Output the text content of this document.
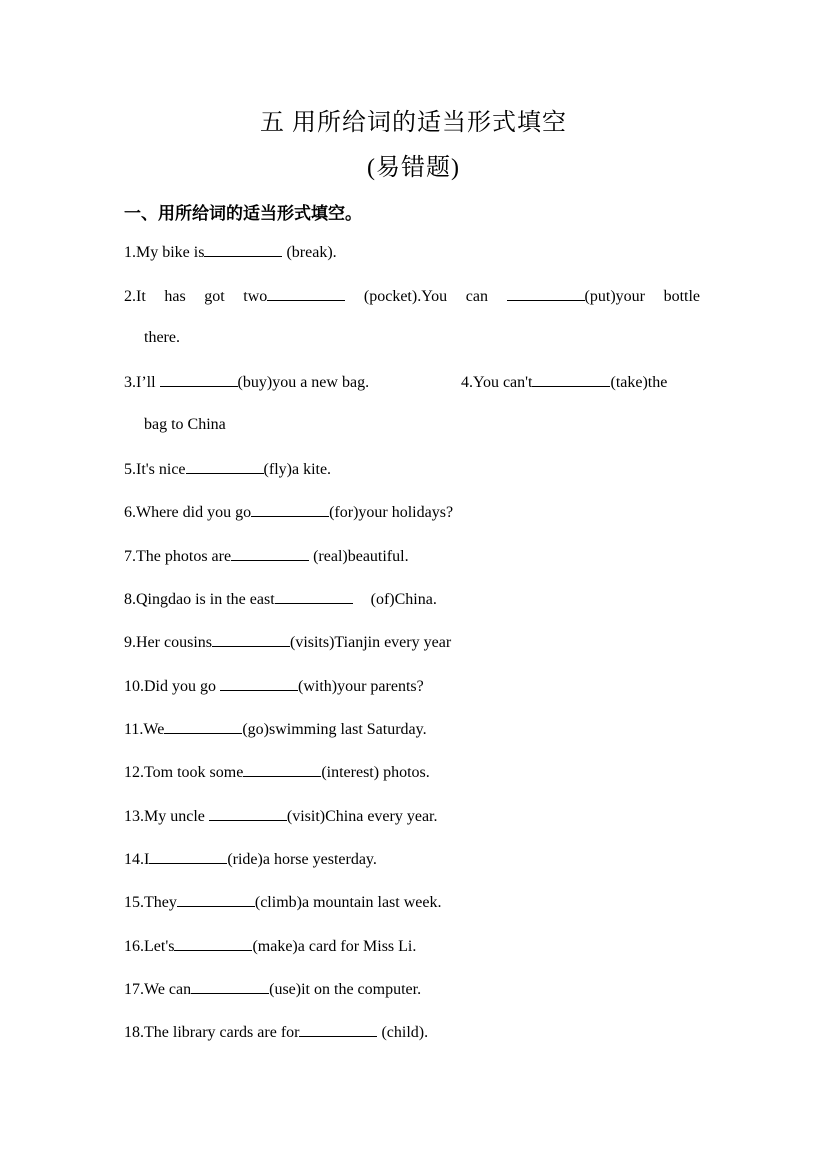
五 用所给词的适当形式填空
(易错题)
一、用所给词的适当形式填空。
1.My bike is	(break).
2.It has got two	(pocket).You can	(put)your bottle
there.
3.I’ll	(buy)you a new bag.	4.You can't	(take)the
bag to China
5.It's nice	(fly)a kite.
6.Where did you go	(for)your holidays?
7.The photos are	(real)beautiful.
8.Qingdao is in the east	(of)China.
9.Her cousins	(visits)Tianjin every year
10.Did you go	(with)your parents?
11.We	(go)swimming last Saturday.
12.Tom took some	(interest) photos.
13.My uncle	(visit)China every year.
14.I	(ride)a horse yesterday.
15.They	(climb)a mountain last week.
16.Let's	(make)a card for Miss Li.
17.We can	(use)it on the computer.
18.The library cards are for	(child).
